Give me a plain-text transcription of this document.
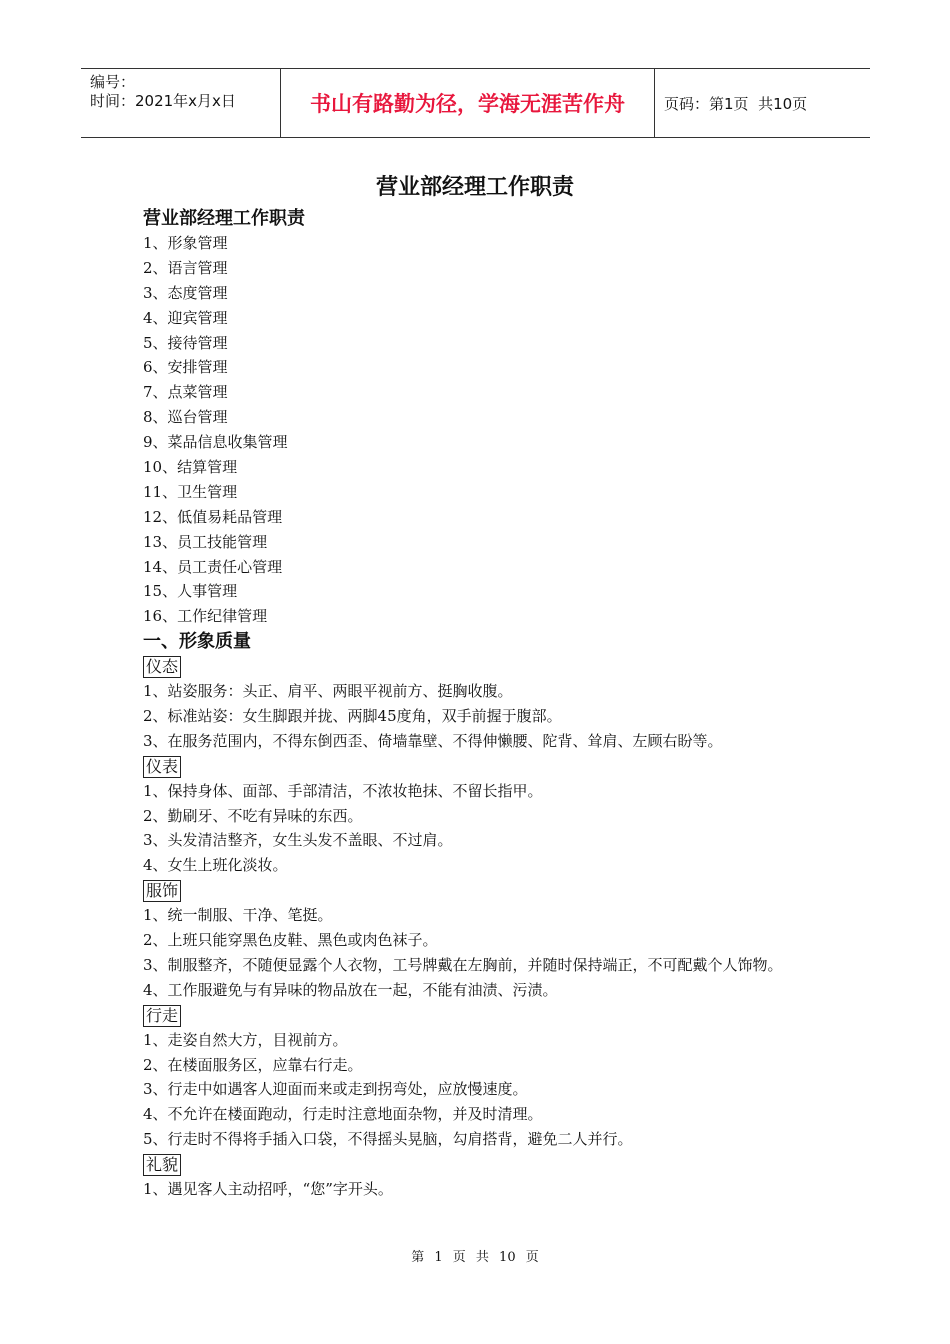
编号：
时间：2021年x月x日	书山有路勤为径，学海无涯苦作舟	页码：第1页  共10页
营业部经理工作职责
营业部经理工作职责
1、形象管理
2、语言管理
3、态度管理
4、迎宾管理
5、接待管理
6、安排管理
7、点菜管理
8、巡台管理
9、菜品信息收集管理
10、结算管理
11、卫生管理
12、低值易耗品管理
13、员工技能管理
14、员工责任心管理
15、人事管理
16、工作纪律管理
一、形象质量
仪态
1、站姿服务：头正、肩平、两眼平视前方、挺胸收腹。
2、标准站姿：女生脚跟并拢、两脚45度角，双手前握于腹部。
3、在服务范围内，不得东倒西歪、倚墙靠壁、不得伸懒腰、陀背、耸肩、左顾右盼等。
仪表
1、保持身体、面部、手部清洁，不浓妆艳抹、不留长指甲。
2、勤刷牙、不吃有异味的东西。
3、头发清洁整齐，女生头发不盖眼、不过肩。
4、女生上班化淡妆。
服饰
1、统一制服、干净、笔挺。
2、上班只能穿黑色皮鞋、黑色或肉色袜子。
3、制服整齐，不随便显露个人衣物，工号牌戴在左胸前，并随时保持端正，不可配戴个人饰物。
4、工作服避免与有异味的物品放在一起，不能有油渍、污渍。
行走
1、走姿自然大方，目视前方。
2、在楼面服务区，应靠右行走。
3、行走中如遇客人迎面而来或走到拐弯处，应放慢速度。
4、不允许在楼面跑动，行走时注意地面杂物，并及时清理。
5、行走时不得将手插入口袋，不得摇头晃脑，勾肩搭背，避免二人并行。
礼貌
1、遇见客人主动招呼，“您”字开头。
第 1 页 共 10 页
